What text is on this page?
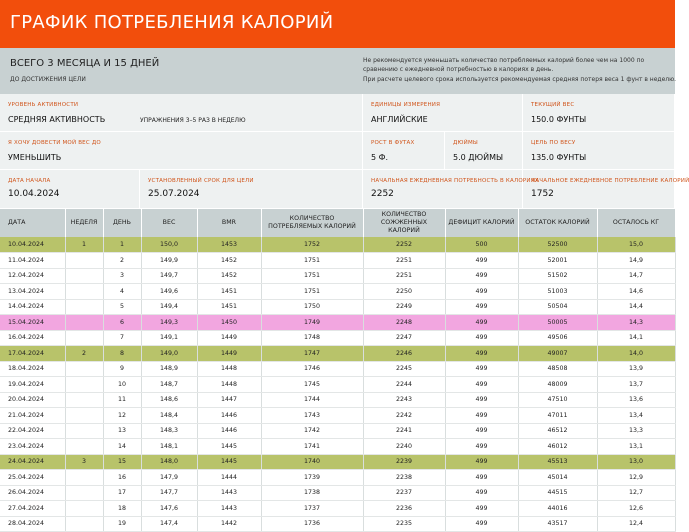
ГРАФИК ПОТРЕБЛЕНИЯ КАЛОРИЙ
ВСЕГО 3 МЕСЯЦА И 15 ДНЕЙ
ДО ДОСТИЖЕНИЯ ЦЕЛИ
Не рекомендуется уменьшать количество потребляемых калорий более чем на 1000 по сравнению с ежедневной потребностью в калориях в день.
При расчете целевого срока используется рекомендуемая средняя потеря веса 1 фунт в неделю.
УРОВЕНЬ АКТИВНОСТИ
СРЕДНЯЯ АКТИВНОСТЬ	УПРАЖНЕНИЯ 3–5 РАЗ В НЕДЕЛЮ
ЕДИНИЦЫ ИЗМЕРЕНИЯ
АНГЛИЙСКИЕ
ТЕКУЩИЙ ВЕС
150.0 ФУНТЫ
Я ХОЧУ ДОВЕСТИ МОЙ ВЕС ДО
УМЕНЬШИТЬ
РОСТ В ФУТАХ
5 Ф.
ДЮЙМЫ
5.0 ДЮЙМЫ
ЦЕЛЬ ПО ВЕСУ
135.0 ФУНТЫ
ДАТА НАЧАЛА
10.04.2024
УСТАНОВЛЕННЫЙ СРОК ДЛЯ ЦЕЛИ
25.07.2024
НАЧАЛЬНАЯ ЕЖЕДНЕВНАЯ ПОТРЕБНОСТЬ В КАЛОРИЯХ
2252
НАЧАЛЬНОЕ ЕЖЕДНЕВНОЕ ПОТРЕБЛЕНИЕ КАЛОРИЙ
1752
ДАТА	НЕДЕЛЯ	ДЕНЬ	ВЕС	BMR	КОЛИЧЕСТВО ПОТРЕБЛЯЕМЫХ КАЛОРИЙ	КОЛИЧЕСТВО СОЖЖЕННЫХ КАЛОРИЙ	ДЕФИЦИТ КАЛОРИЙ	ОСТАТОК КАЛОРИЙ	ОСТАЛОСЬ КГ
10.04.2024	1	1	150,0	1453	1752	2252	500	52500	15,0
11.04.2024		2	149,9	1452	1751	2251	499	52001	14,9
12.04.2024		3	149,7	1452	1751	2251	499	51502	14,7
13.04.2024		4	149,6	1451	1751	2250	499	51003	14,6
14.04.2024		5	149,4	1451	1750	2249	499	50504	14,4
15.04.2024		6	149,3	1450	1749	2248	499	50005	14,3
16.04.2024		7	149,1	1449	1748	2247	499	49506	14,1
17.04.2024	2	8	149,0	1449	1747	2246	499	49007	14,0
18.04.2024		9	148,9	1448	1746	2245	499	48508	13,9
19.04.2024		10	148,7	1448	1745	2244	499	48009	13,7
20.04.2024		11	148,6	1447	1744	2243	499	47510	13,6
21.04.2024		12	148,4	1446	1743	2242	499	47011	13,4
22.04.2024		13	148,3	1446	1742	2241	499	46512	13,3
23.04.2024		14	148,1	1445	1741	2240	499	46012	13,1
24.04.2024	3	15	148,0	1445	1740	2239	499	45513	13,0
25.04.2024		16	147,9	1444	1739	2238	499	45014	12,9
26.04.2024		17	147,7	1443	1738	2237	499	44515	12,7
27.04.2024		18	147,6	1443	1737	2236	499	44016	12,6
28.04.2024		19	147,4	1442	1736	2235	499	43517	12,4
